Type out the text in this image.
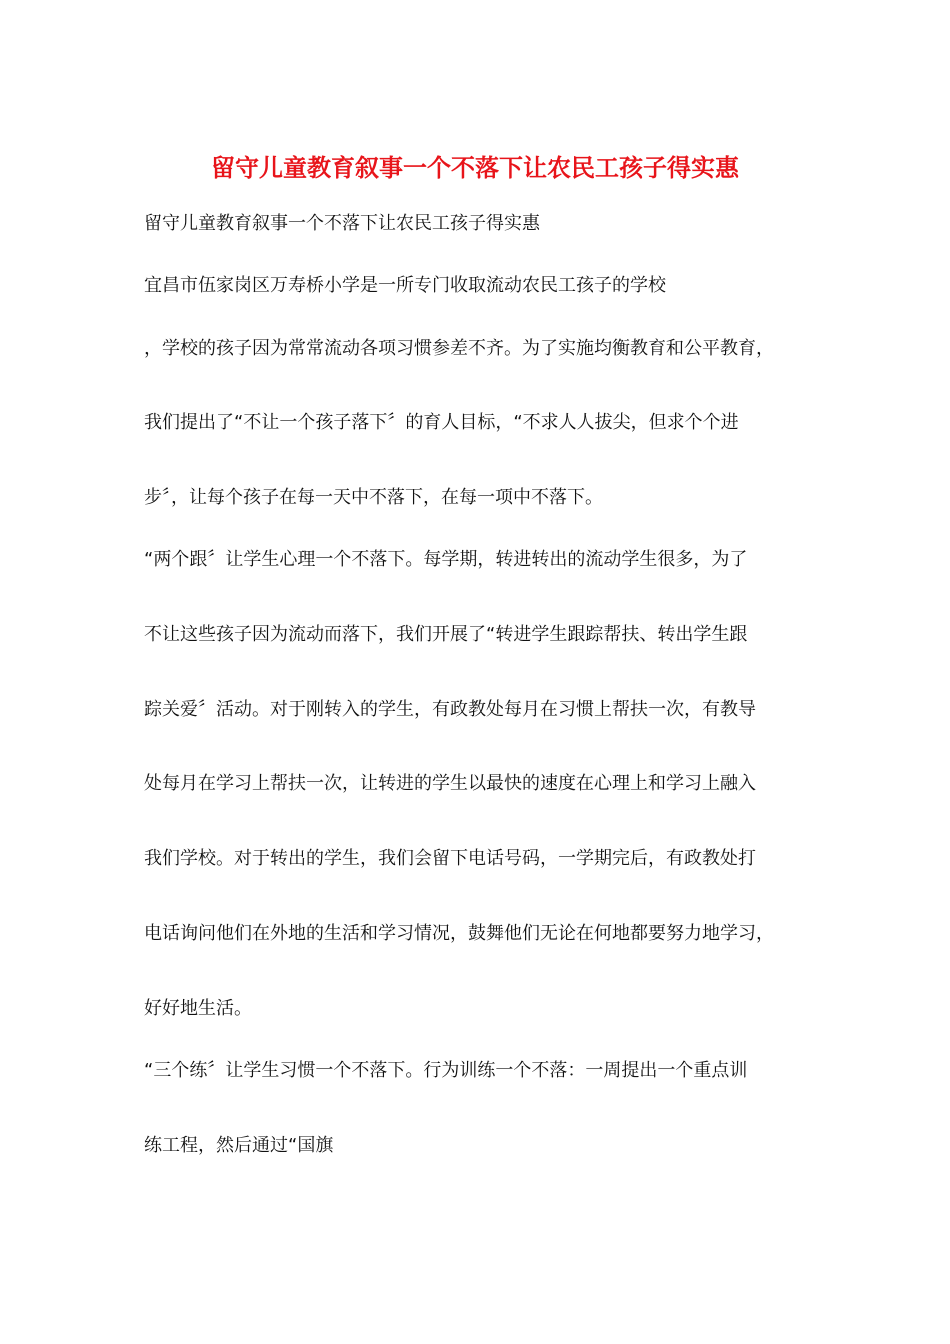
留守儿童教育叙事一个不落下让农民工孩子得实惠
留守儿童教育叙事一个不落下让农民工孩子得实惠
宜昌市伍家岗区万寿桥小学是一所专门收取流动农民工孩子的学校
，学校的孩子因为常常流动各项习惯参差不齐。为了实施均衡教育和公平教育，
我们提出了“不让一个孩子落下〞的育人目标，“不求人人拔尖，但求个个进
步〞，让每个孩子在每一天中不落下，在每一项中不落下。
“两个跟〞让学生心理一个不落下。每学期，转进转出的流动学生很多，为了
不让这些孩子因为流动而落下，我们开展了“转进学生跟踪帮扶、转出学生跟
踪关爱〞活动。对于刚转入的学生，有政教处每月在习惯上帮扶一次，有教导
处每月在学习上帮扶一次，让转进的学生以最快的速度在心理上和学习上融入
我们学校。对于转出的学生，我们会留下电话号码，一学期完后，有政教处打
电话询问他们在外地的生活和学习情况，鼓舞他们无论在何地都要努力地学习，
好好地生活。
“三个练〞让学生习惯一个不落下。行为训练一个不落：一周提出一个重点训
练工程，然后通过“国旗
